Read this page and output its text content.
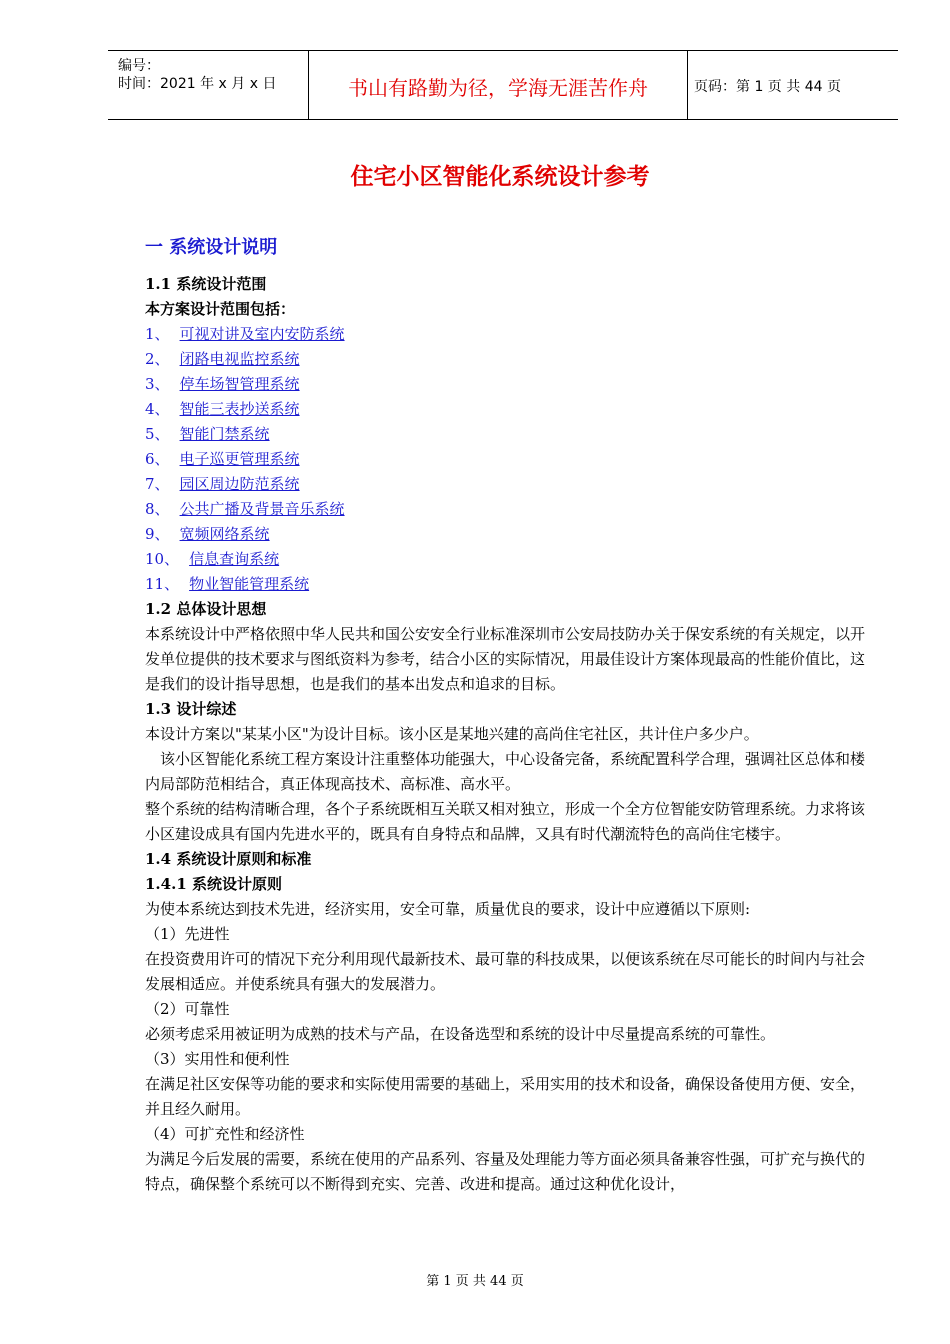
编号：
时间：2021 年 x 月 x 日	书山有路勤为径，学海无涯苦作舟	页码：第 1 页 共 44 页
住宅小区智能化系统设计参考
一 系统设计说明
1.1 系统设计范围
本方案设计范围包括：
1、 可视对讲及室内安防系统
2、 闭路电视监控系统
3、 停车场智管理系统
4、 智能三表抄送系统
5、 智能门禁系统
6、 电子巡更管理系统
7、 园区周边防范系统
8、 公共广播及背景音乐系统
9、 宽频网络系统
10、 信息查询系统
11、 物业智能管理系统
1.2 总体设计思想
本系统设计中严格依照中华人民共和国公安安全行业标准深圳市公安局技防办关于保安系统的有关规定，以开发单位提供的技术要求与图纸资料为参考，结合小区的实际情况，用最佳设计方案体现最高的性能价值比，这是我们的设计指导思想，也是我们的基本出发点和追求的目标。
1.3 设计综述
本设计方案以"某某小区"为设计目标。该小区是某地兴建的高尚住宅社区，共计住户多少户。
该小区智能化系统工程方案设计注重整体功能强大，中心设备完备，系统配置科学合理，强调社区总体和楼内局部防范相结合，真正体现高技术、高标准、高水平。
整个系统的结构清晰合理，各个子系统既相互关联又相对独立，形成一个全方位智能安防管理系统。力求将该小区建设成具有国内先进水平的，既具有自身特点和品牌，又具有时代潮流特色的高尚住宅楼宇。
1.4 系统设计原则和标准
1.4.1 系统设计原则
为使本系统达到技术先进，经济实用，安全可靠，质量优良的要求，设计中应遵循以下原则:
（1）先进性
在投资费用许可的情况下充分利用现代最新技术、最可靠的科技成果，以便该系统在尽可能长的时间内与社会发展相适应。并使系统具有强大的发展潜力。
（2）可靠性
必须考虑采用被证明为成熟的技术与产品，在设备选型和系统的设计中尽量提高系统的可靠性。
（3）实用性和便利性
在满足社区安保等功能的要求和实际使用需要的基础上，采用实用的技术和设备，确保设备使用方便、安全，并且经久耐用。
（4）可扩充性和经济性
为满足今后发展的需要，系统在使用的产品系列、容量及处理能力等方面必须具备兼容性强，可扩充与换代的特点，确保整个系统可以不断得到充实、完善、改进和提高。通过这种优化设计，
第 1 页 共 44 页
